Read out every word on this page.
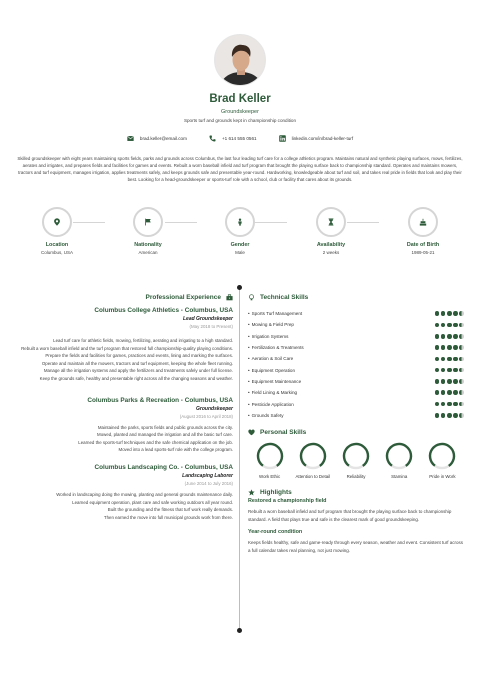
Brad Keller
Groundskeeper
Sports turf and grounds kept in championship condition
brad.keller@email.com	+1 614 555 0561	linkedin.com/in/brad-keller-turf

Skilled groundskeeper with eight years maintaining sports fields, parks and grounds across Columbus, the last four leading turf care for a college athletics program. Maintains natural and synthetic playing surfaces, mows, fertilizes, aerates and irrigates, and prepares fields and facilities for games and events. Rebuilt a worn baseball infield and turf program that brought the playing surface back to championship standard. Operates and maintains mowers, tractors and turf equipment, manages irrigation, applies treatments safely, and keeps grounds safe and presentable year-round. Hardworking, knowledgeable about turf and soil, and takes real pride in fields that look and play their best. Looking for a head-groundskeeper or sports-turf role with a school, club or facility that cares about its grounds.

Location
Columbus, USA
Nationality
American
Gender
Male
Availability
2 weeks
Date of Birth
1989-05-21
Professional Experience
Columbus College Athletics - Columbus, USA
Lead Groundskeeper
(May 2018 to Present)
Lead turf care for athletic fields, mowing, fertilizing, aerating and irrigating to a high standard.
Rebuilt a worn baseball infield and the turf program that restored full championship-quality playing conditions.
Prepare the fields and facilities for games, practices and events, lining and marking the surfaces.
Operate and maintain all the mowers, tractors and turf equipment, keeping the whole fleet running.
Manage all the irrigation systems and apply the fertilizers and treatments safely under full license.
Keep the grounds safe, healthy and presentable right across all the changing seasons and weather.
Columbus Parks & Recreation - Columbus, USA
Groundskeeper
(August 2016 to April 2018)
Maintained the parks, sports fields and public grounds across the city.
Mowed, planted and managed the irrigation and all the basic turf care.
Learned the sports-turf techniques and the safe chemical application on the job.
Moved into a lead sports-turf role with the college program.
Columbus Landscaping Co. - Columbus, USA
Landscaping Laborer
(June 2014 to July 2016)
Worked in landscaping doing the mowing, planting and general grounds maintenance daily.
Learned equipment operation, plant care and safe working outdoors all year round.
Built the grounding and the fitness that turf work really demands.
Then earned the move into full municipal grounds work from there.
Technical Skills
• Sports Turf Management
• Mowing & Field Prep
• Irrigation Systems
• Fertilization & Treatments
• Aeration & Soil Care
• Equipment Operation
• Equipment Maintenance
• Field Lining & Marking
• Pesticide Application
• Grounds Safety
Personal Skills
Work Ethic	Attention to Detail	Reliability	Stamina	Pride in Work
Highlights
Restored a championship field
Rebuilt a worn baseball infield and turf program that brought the playing surface back to championship standard. A field that plays true and safe is the clearest mark of good groundskeeping.
Year-round condition
Keeps fields healthy, safe and game-ready through every season, weather and event. Consistent turf across a full calendar takes real planning, not just mowing.
